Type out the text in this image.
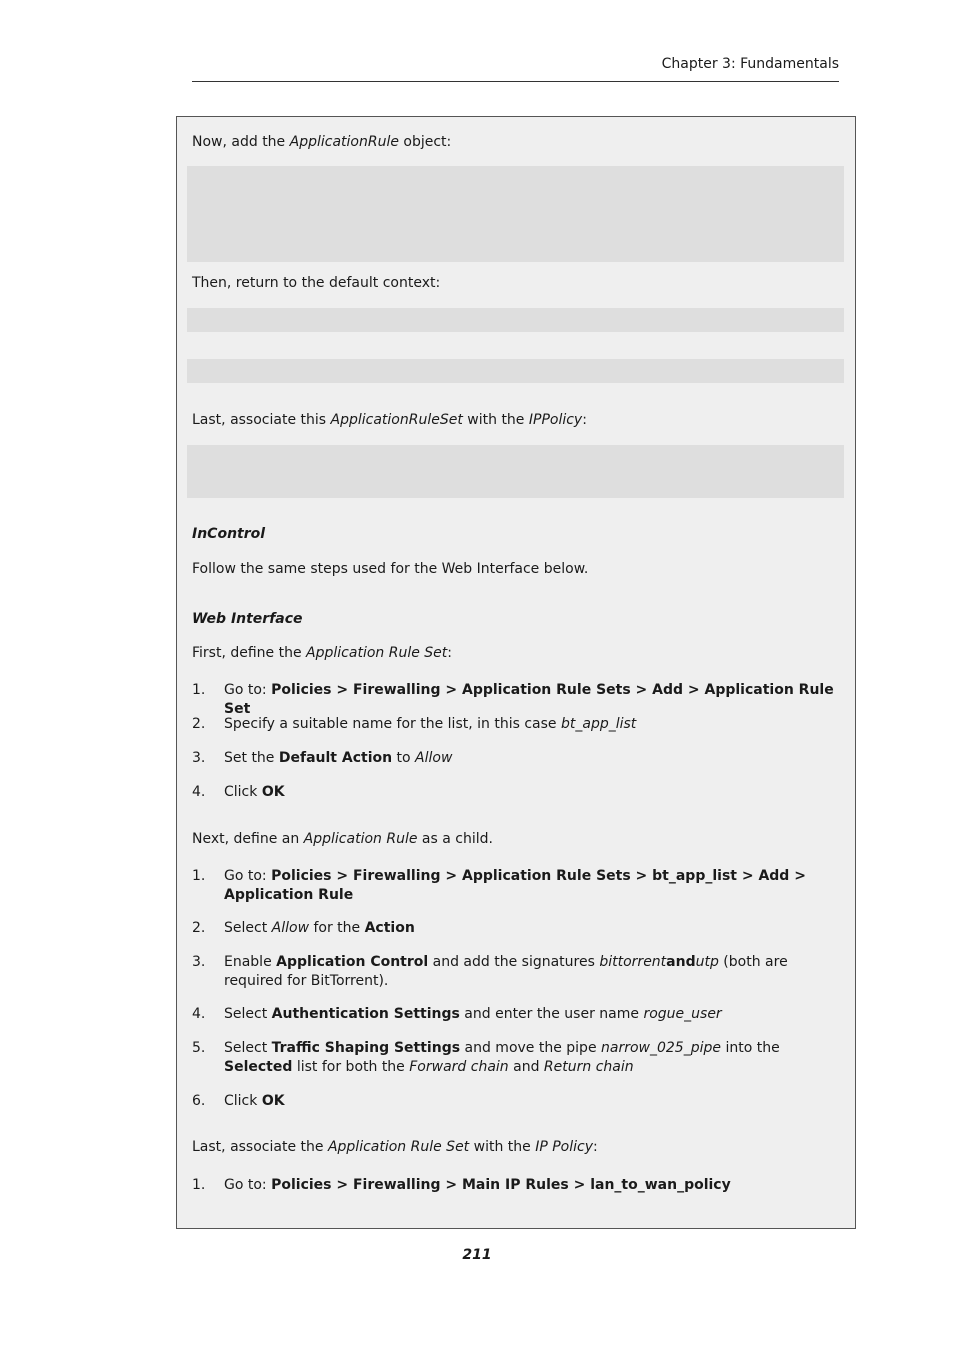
Chapter 3: Fundamentals
Now, add the ApplicationRule object:
Then, return to the default context:
Last, associate this ApplicationRuleSet with the IPPolicy:
InControl
Follow the same steps used for the Web Interface below.
Web Interface
First, define the Application Rule Set:
1. Go to: Policies > Firewalling > Application Rule Sets > Add > Application Rule Set
2. Specify a suitable name for the list, in this case bt_app_list
3. Set the Default Action to Allow
4. Click OK
Next, define an Application Rule as a child.
1. Go to: Policies > Firewalling > Application Rule Sets > bt_app_list > Add > Application Rule
2. Select Allow for the Action
3. Enable Application Control and add the signatures bittorrentandutp (both are required for BitTorrent).
4. Select Authentication Settings and enter the user name rogue_user
5. Select Traffic Shaping Settings and move the pipe narrow_025_pipe into the Selected list for both the Forward chain and Return chain
6. Click OK
Last, associate the Application Rule Set with the IP Policy:
1. Go to: Policies > Firewalling > Main IP Rules > lan_to_wan_policy
211
